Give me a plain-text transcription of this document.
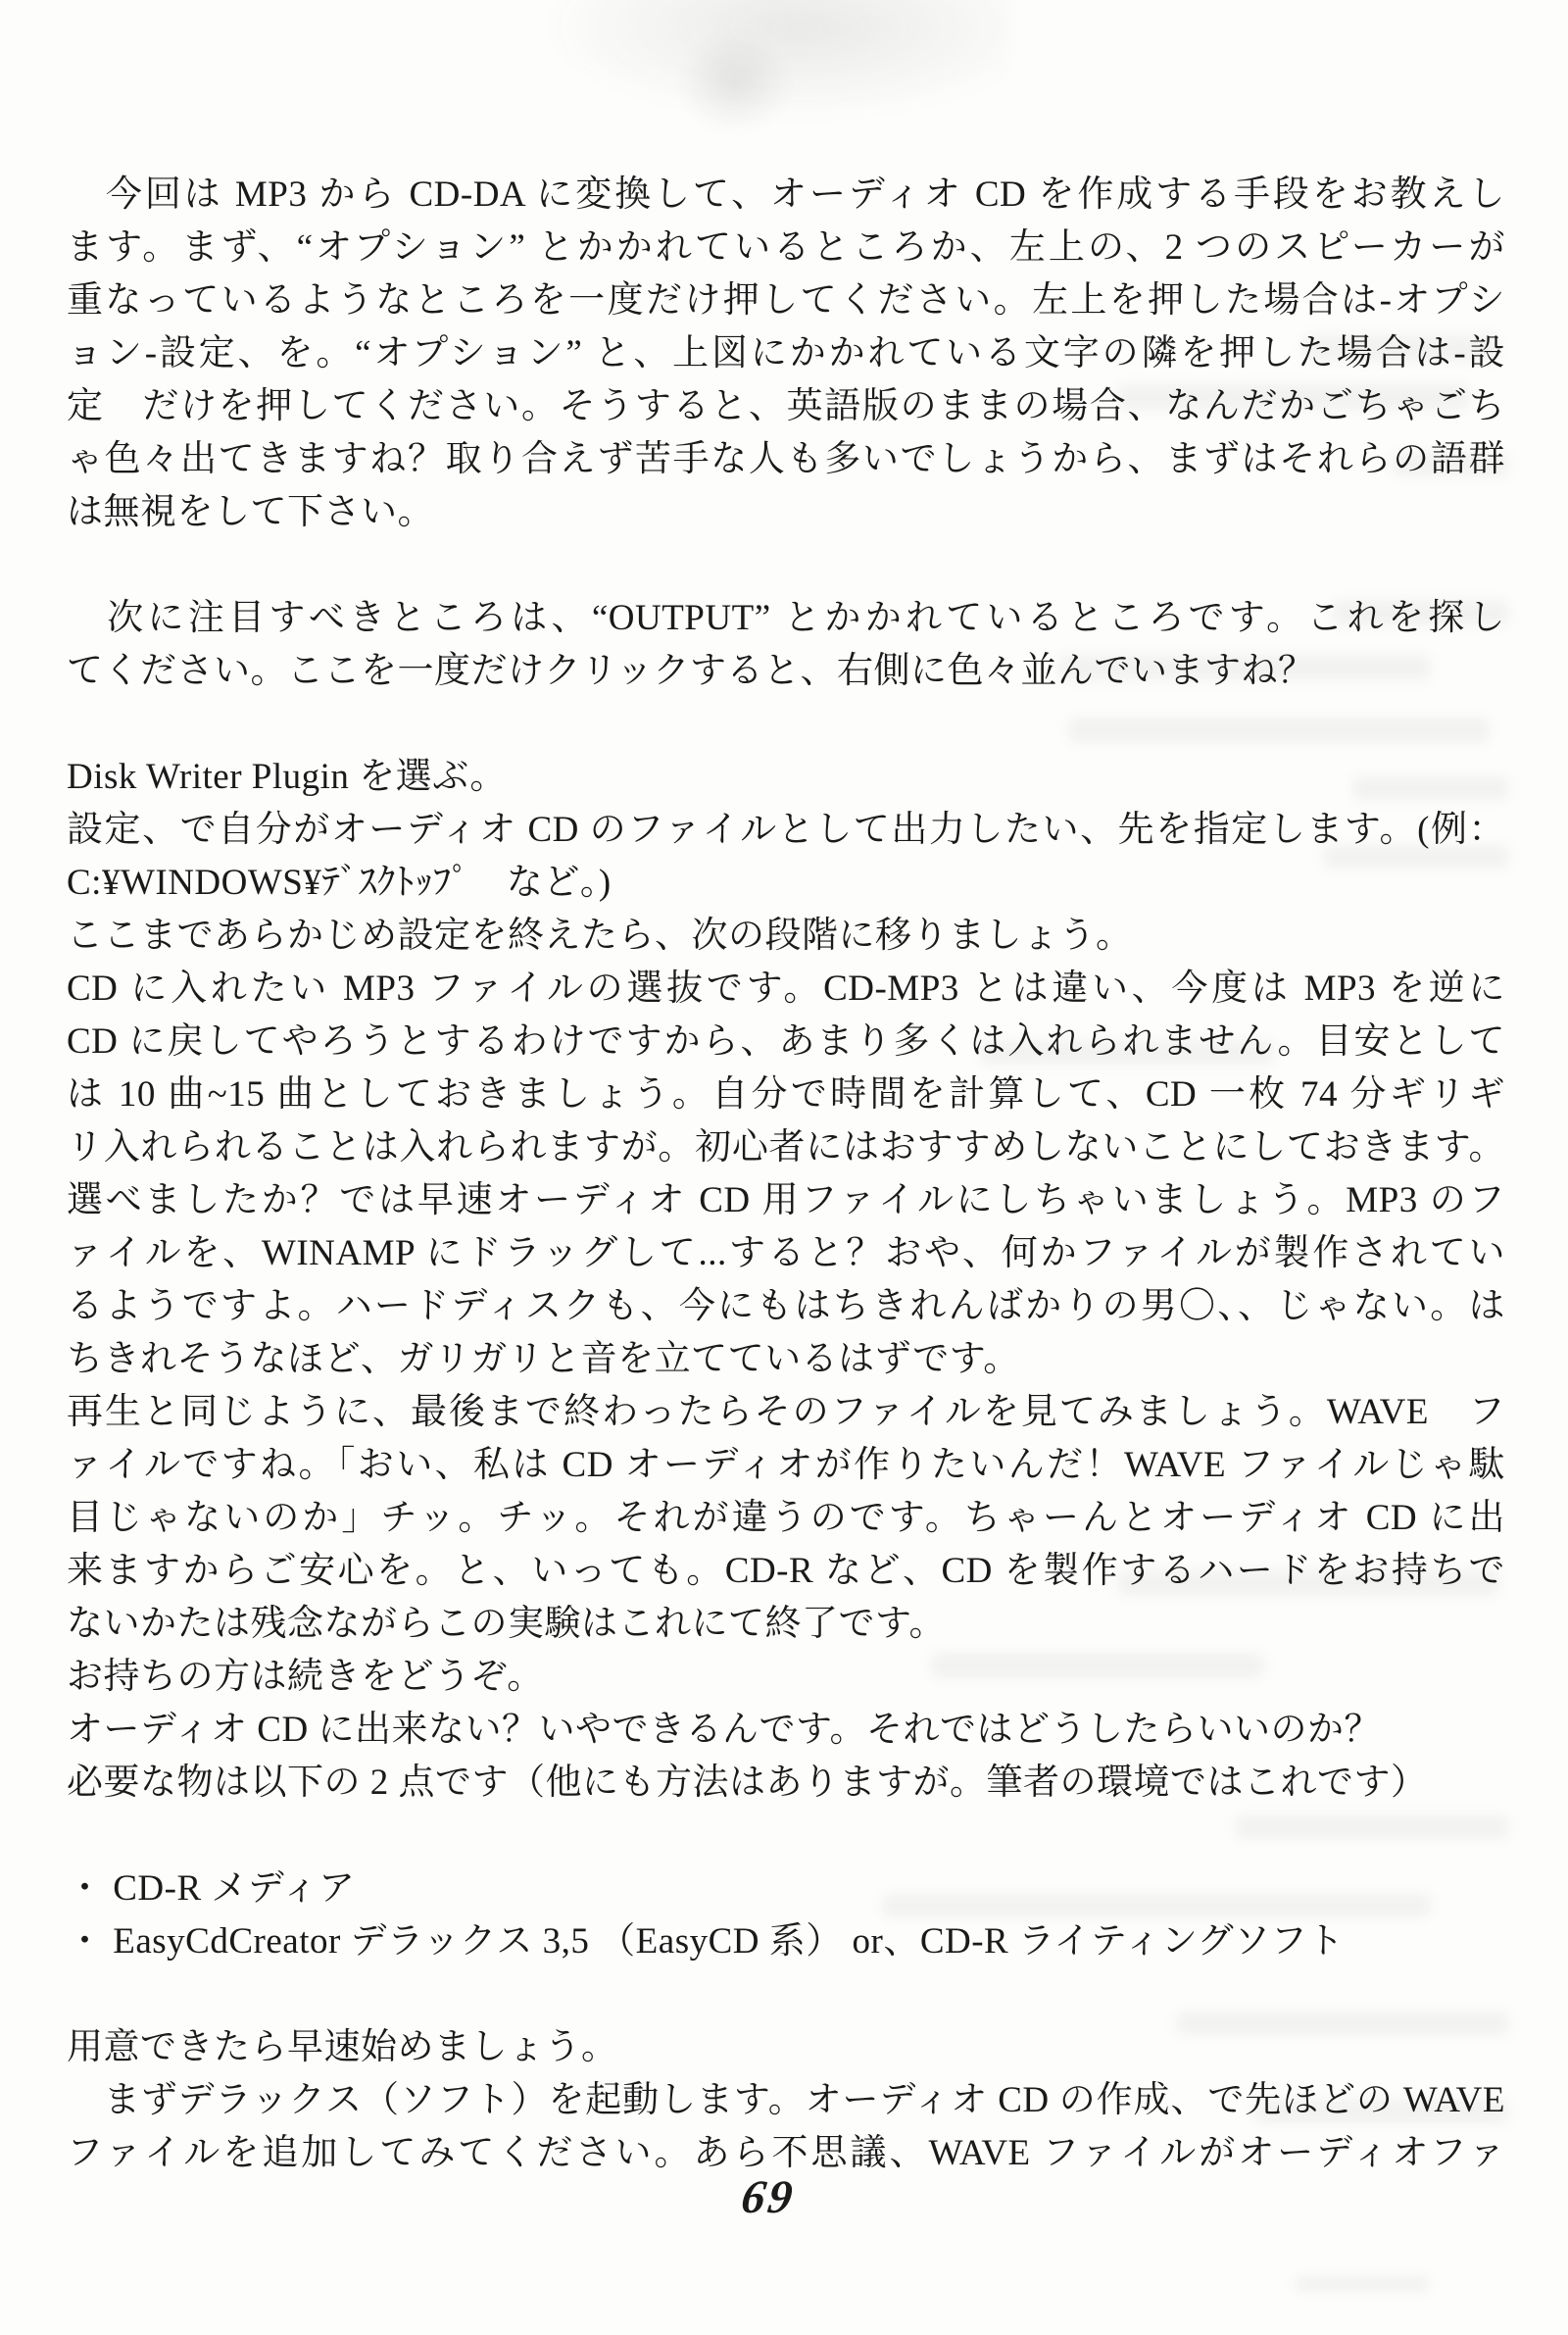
　今回は MP3 から CD-DA に変換して、オーディオ CD を作成する手段をお教えし
ます。まず、“オプション” とかかれているところか、左上の、2 つのスピーカーが
重なっているようなところを一度だけ押してください。左上を押した場合は-オプシ
ョン-設定、を。“オプション” と、上図にかかれている文字の隣を押した場合は-設
定　だけを押してください。そうすると、英語版のままの場合、なんだかごちゃごち
ゃ色々出てきますね？取り合えず苦手な人も多いでしょうから、まずはそれらの語群
は無視をして下さい。
　次に注目すべきところは、“OUTPUT” とかかれているところです。これを探し
てください。ここを一度だけクリックすると、右側に色々並んでいますね？
Disk Writer Plugin を選ぶ。
設定、で自分がオーディオ CD のファイルとして出力したい、先を指定します。(例：
C:¥WINDOWS¥ﾃﾞｽｸﾄｯﾌﾟ　など。)
ここまであらかじめ設定を終えたら、次の段階に移りましょう。
CD に入れたい MP3 ファイルの選抜です。CD-MP3 とは違い、今度は MP3 を逆に
CD に戻してやろうとするわけですから、あまり多くは入れられません。目安として
は 10 曲~15 曲としておきましょう。自分で時間を計算して、CD 一枚 74 分ギリギ
リ入れられることは入れられますが。初心者にはおすすめしないことにしておきます。
選べましたか？では早速オーディオ CD 用ファイルにしちゃいましょう。MP3 のフ
ァイルを、WINAMP にドラッグして...すると？おや、何かファイルが製作されてい
るようですよ。ハードディスクも、今にもはちきれんばかりの男〇、、じゃない。は
ちきれそうなほど、ガリガリと音を立てているはずです。
再生と同じように、最後まで終わったらそのファイルを見てみましょう。WAVE　フ
ァイルですね。「おい、私は CD オーディオが作りたいんだ！WAVE ファイルじゃ駄
目じゃないのか」チッ。チッ。それが違うのです。ちゃーんとオーディオ CD に出
来ますからご安心を。と、いっても。CD-R など、CD を製作するハードをお持ちで
ないかたは残念ながらこの実験はこれにて終了です。
お持ちの方は続きをどうぞ。
オーディオ CD に出来ない？いやできるんです。それではどうしたらいいのか？
必要な物は以下の 2 点です（他にも方法はありますが。筆者の環境ではこれです）
・ CD-R メディア
・ EasyCdCreator デラックス 3,5 （EasyCD 系） or、CD-R ライティングソフト
用意できたら早速始めましょう。
　まずデラックス（ソフト）を起動します。オーディオ CD の作成、で先ほどの WAVE
ファイルを追加してみてください。あら不思議、WAVE ファイルがオーディオファ
69
